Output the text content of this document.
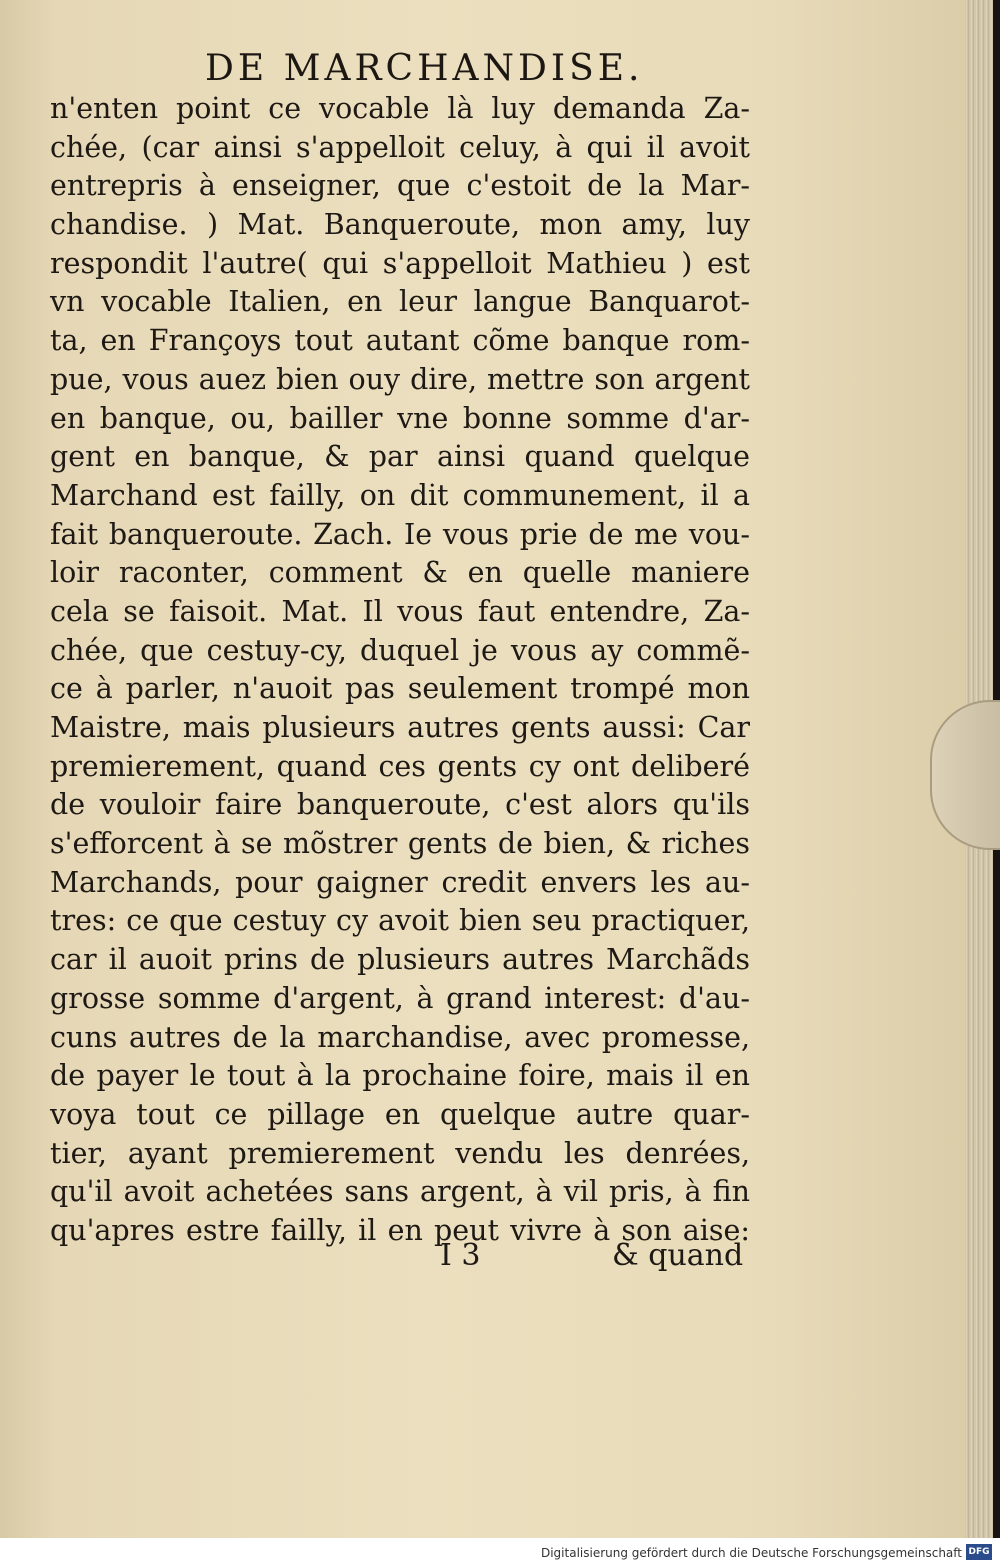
DE MARCHANDISE.
n'enten point ce vocable là luy demanda Za-
chée, (car ainsi s'appelloit celuy, à qui il avoit
entrepris à enseigner, que c'estoit de la Mar-
chandise. ) Mat. Banqueroute, mon amy, luy
respondit l'autre( qui s'appelloit Mathieu ) est
vn vocable Italien, en leur langue Banquarot-
ta, en Françoys tout autant cõme banque rom-
pue, vous auez bien ouy dire, mettre son argent
en banque, ou, bailler vne bonne somme d'ar-
gent en banque, & par ainsi quand quelque
Marchand est failly, on dit communement, il a
fait banqueroute. Zach. Ie vous prie de me vou-
loir raconter, comment & en quelle maniere
cela se faisoit. Mat. Il vous faut entendre, Za-
chée, que cestuy-cy, duquel je vous ay commẽ-
ce à parler, n'auoit pas seulement trompé mon
Maistre, mais plusieurs autres gents aussi: Car
premierement, quand ces gents cy ont deliberé
de vouloir faire banqueroute, c'est alors qu'ils
s'efforcent à se mõstrer gents de bien, & riches
Marchands, pour gaigner credit envers les au-
tres: ce que cestuy cy avoit bien seu practiquer,
car il auoit prins de plusieurs autres Marchãds
grosse somme d'argent, à grand interest: d'au-
cuns autres de la marchandise, avec promesse,
de payer le tout à la prochaine foire, mais il en
voya tout ce pillage en quelque autre quar-
tier, ayant premierement vendu les denrées,
qu'il avoit achetées sans argent, à vil pris, à fin
qu'apres estre failly, il en peut vivre à son aise:
I 3	& quand
Digitalisierung gefördert durch die Deutsche Forschungsgemeinschaft DFG
